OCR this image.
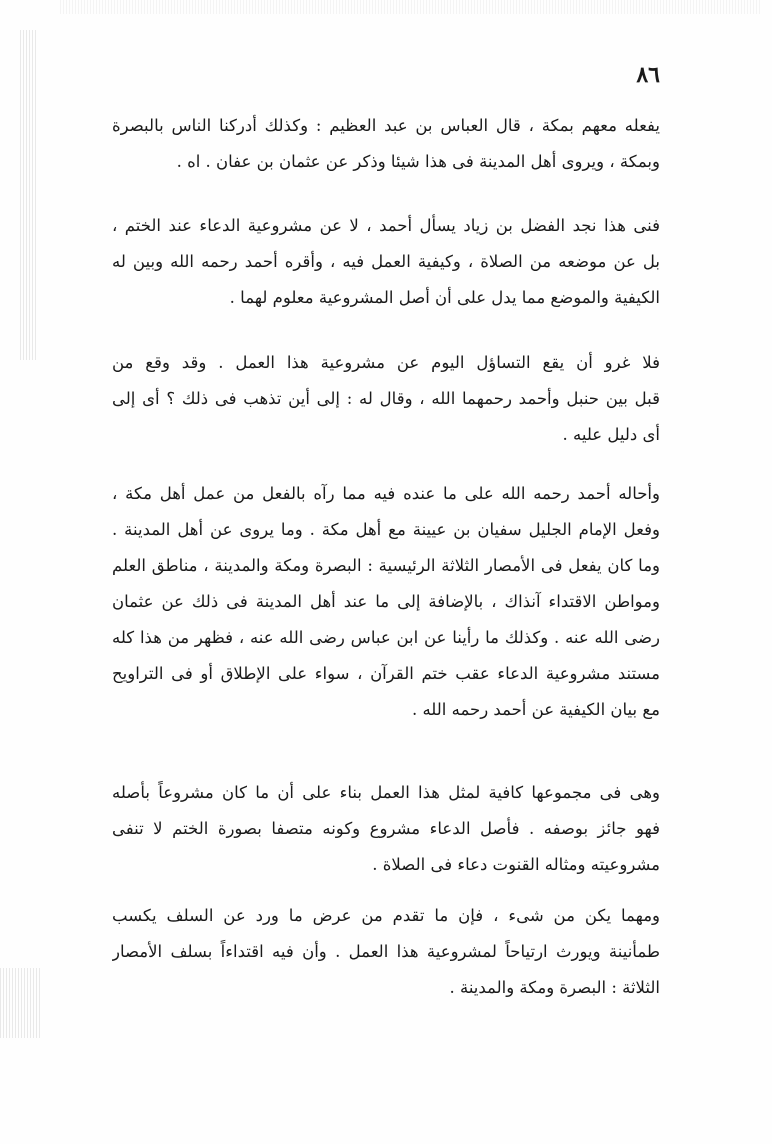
٨٦
يفعله معهم بمكة ، قال العباس بن عبد العظيم : وكذلك أدركنا الناس بالبصرة
وبمكة ، ويروى أهل المدينة فى هذا شيئا وذكر عن عثمان بن عفان . اه .
فنى هذا نجد الفضل بن زياد يسأل أحمد ، لا عن مشروعية الدعاء عند الختم ،
بل عن موضعه من الصلاة ، وكيفية العمل فيه ، وأقره أحمد رحمه الله وبين له
الكيفية والموضع مما يدل على أن أصل المشروعية معلوم لهما .
فلا غرو أن يقع التساؤل اليوم عن مشروعية هذا العمل . وقد وقع من
قبل بين حنبل وأحمد رحمهما الله ، وقال له : إلى أين تذهب فى ذلك ؟ أى إلى
أى دليل عليه .
وأحاله أحمد رحمه الله على ما عنده فيه مما رآه بالفعل من عمل أهل مكة ،
وفعل الإمام الجليل سفيان بن عيينة مع أهل مكة . وما يروى عن أهل المدينة .
وما كان يفعل فى الأمصار الثلاثة الرئيسية : البصرة ومكة والمدينة ، مناطق العلم
ومواطن الاقتداء آنذاك ، بالإضافة إلى ما عند أهل المدينة فى ذلك عن عثمان
رضى الله عنه . وكذلك ما رأينا عن ابن عباس رضى الله عنه ، فظهر من هذا كله
مستند مشروعية الدعاء عقب ختم القرآن ، سواء على الإطلاق أو فى التراويح
مع بيان الكيفية عن أحمد رحمه الله .
وهى فى مجموعها كافية لمثل هذا العمل بناء على أن ما كان مشروعاً بأصله
فهو جائز بوصفه . فأصل الدعاء مشروع وكونه متصفا بصورة الختم لا تنفى
مشروعيته ومثاله القنوت دعاء فى الصلاة .
ومهما يكن من شىء ، فإن ما تقدم من عرض ما ورد عن السلف يكسب
طمأنينة ويورث ارتياحاً لمشروعية هذا العمل . وأن فيه اقتداءاً بسلف الأمصار
الثلاثة : البصرة ومكة والمدينة .
